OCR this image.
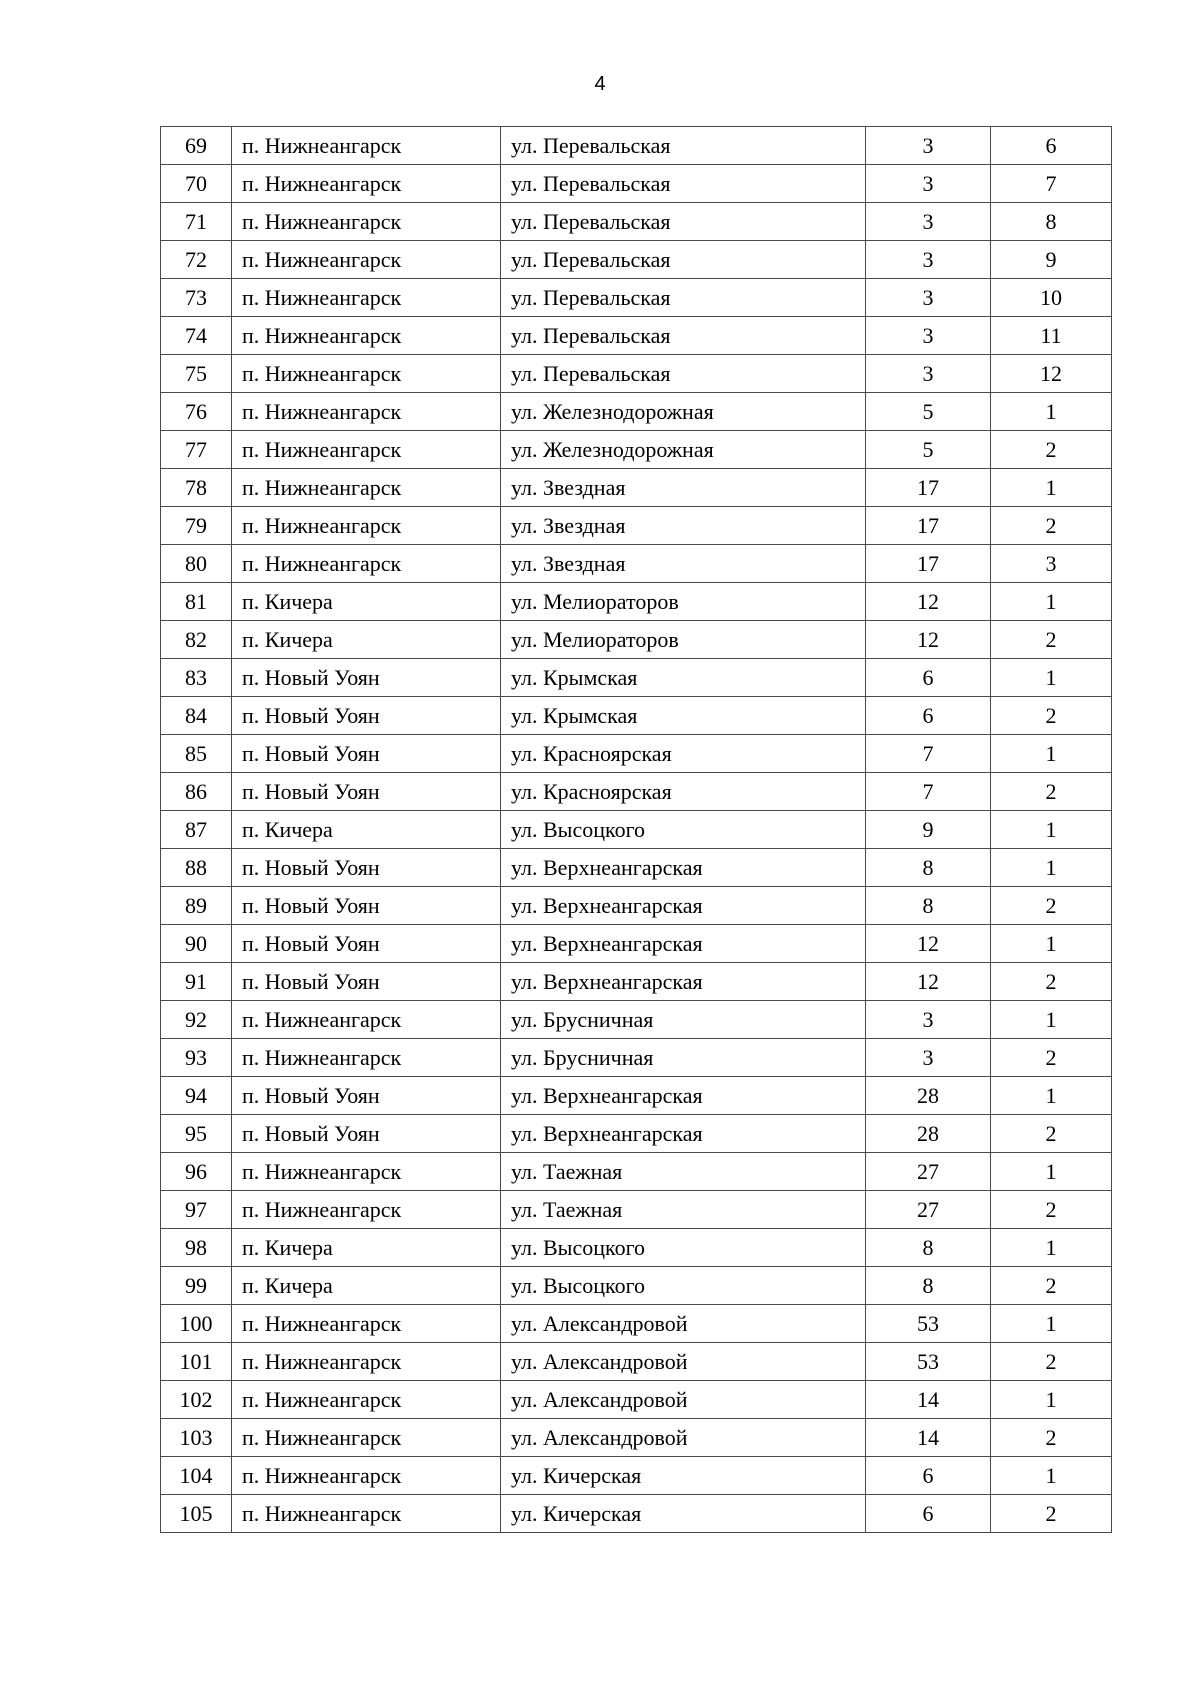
4
69	п. Нижнеангарск	ул. Перевальская	3	6
70	п. Нижнеангарск	ул. Перевальская	3	7
71	п. Нижнеангарск	ул. Перевальская	3	8
72	п. Нижнеангарск	ул. Перевальская	3	9
73	п. Нижнеангарск	ул. Перевальская	3	10
74	п. Нижнеангарск	ул. Перевальская	3	11
75	п. Нижнеангарск	ул. Перевальская	3	12
76	п. Нижнеангарск	ул. Железнодорожная	5	1
77	п. Нижнеангарск	ул. Железнодорожная	5	2
78	п. Нижнеангарск	ул. Звездная	17	1
79	п. Нижнеангарск	ул. Звездная	17	2
80	п. Нижнеангарск	ул. Звездная	17	3
81	п. Кичера	ул. Мелиораторов	12	1
82	п. Кичера	ул. Мелиораторов	12	2
83	п. Новый Уоян	ул. Крымская	6	1
84	п. Новый Уоян	ул. Крымская	6	2
85	п. Новый Уоян	ул. Красноярская	7	1
86	п. Новый Уоян	ул. Красноярская	7	2
87	п. Кичера	ул. Высоцкого	9	1
88	п. Новый Уоян	ул. Верхнеангарская	8	1
89	п. Новый Уоян	ул. Верхнеангарская	8	2
90	п. Новый Уоян	ул. Верхнеангарская	12	1
91	п. Новый Уоян	ул. Верхнеангарская	12	2
92	п. Нижнеангарск	ул. Брусничная	3	1
93	п. Нижнеангарск	ул. Брусничная	3	2
94	п. Новый Уоян	ул. Верхнеангарская	28	1
95	п. Новый Уоян	ул. Верхнеангарская	28	2
96	п. Нижнеангарск	ул. Таежная	27	1
97	п. Нижнеангарск	ул. Таежная	27	2
98	п. Кичера	ул. Высоцкого	8	1
99	п. Кичера	ул. Высоцкого	8	2
100	п. Нижнеангарск	ул. Александровой	53	1
101	п. Нижнеангарск	ул. Александровой	53	2
102	п. Нижнеангарск	ул. Александровой	14	1
103	п. Нижнеангарск	ул. Александровой	14	2
104	п. Нижнеангарск	ул. Кичерская	6	1
105	п. Нижнеангарск	ул. Кичерская	6	2
